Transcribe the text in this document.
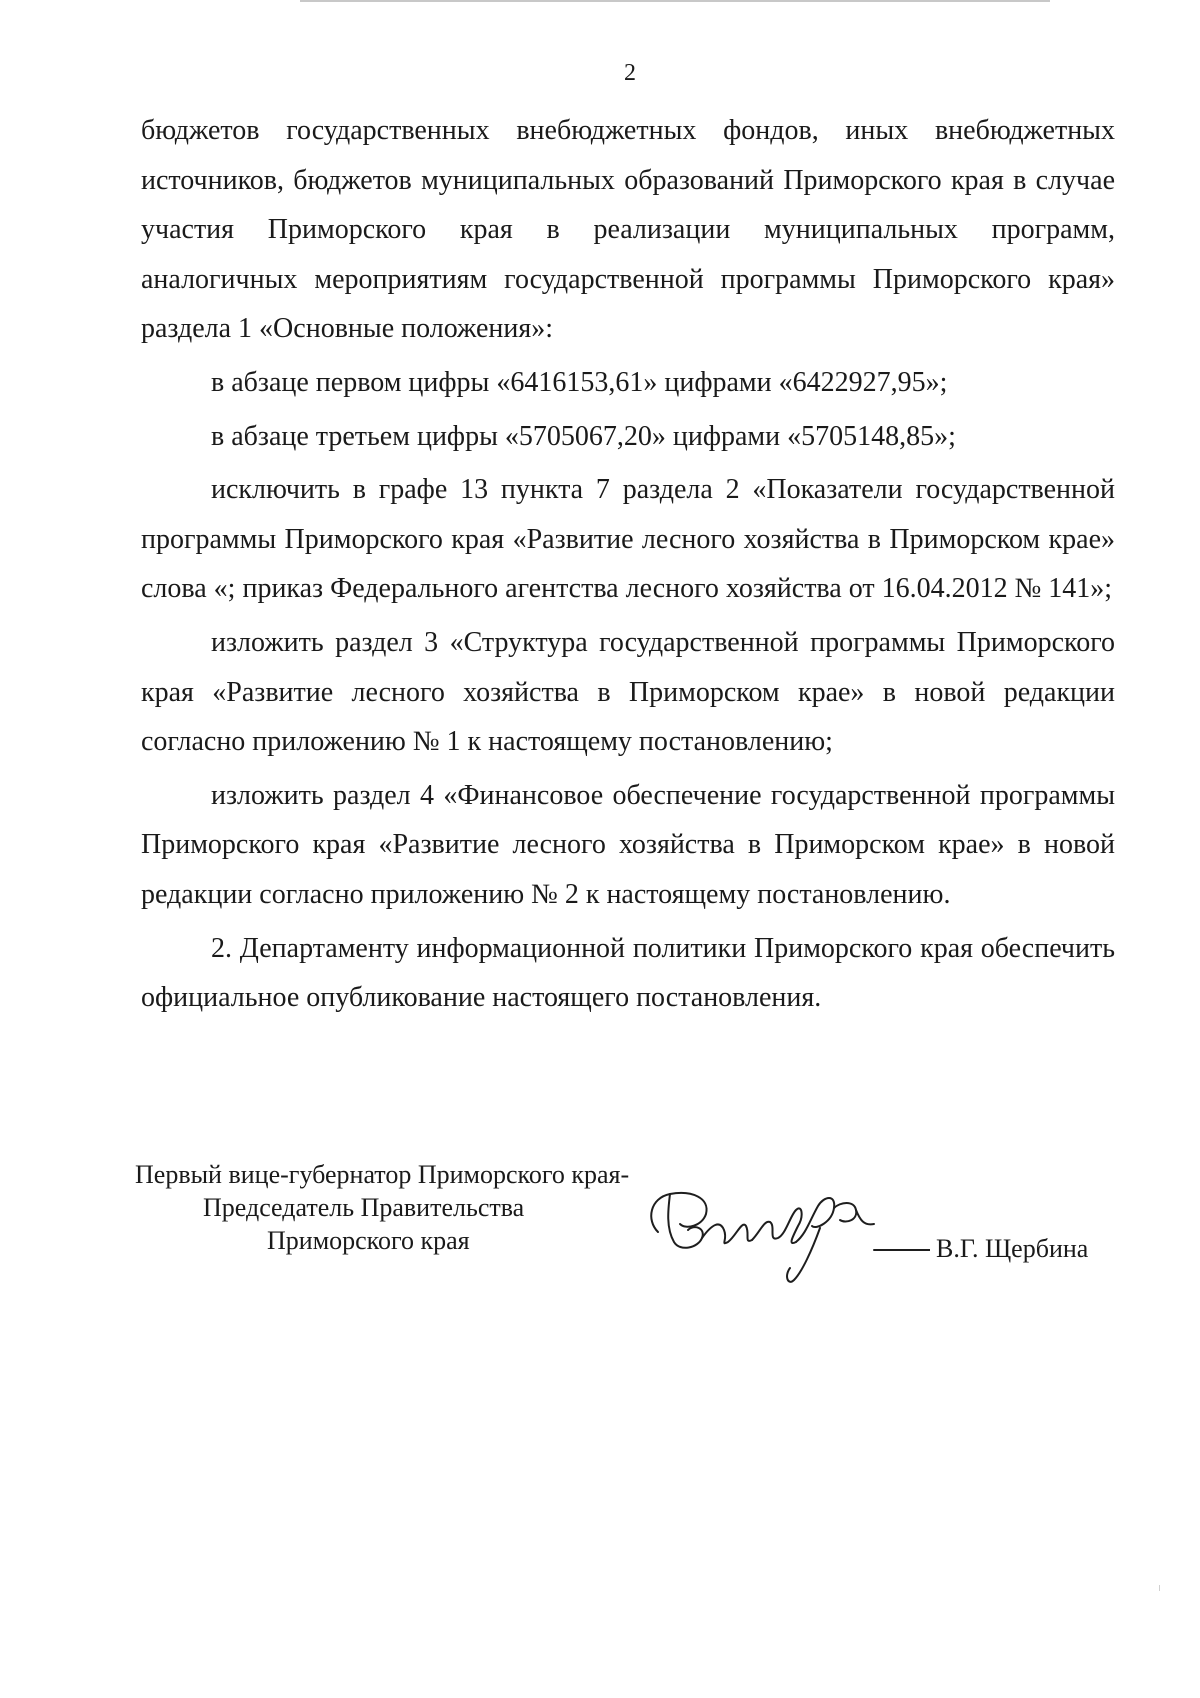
2

бюджетов государственных внебюджетных фондов, иных внебюджетных источников, бюджетов муниципальных образований Приморского края в случае участия Приморского края в реализации муниципальных программ, аналогичных мероприятиям государственной программы Приморского края» раздела 1 «Основные положения»:

в абзаце первом цифры «6416153,61» цифрами «6422927,95»;

в абзаце третьем цифры «5705067,20» цифрами «5705148,85»;

исключить в графе 13 пункта 7 раздела 2 «Показатели государственной программы Приморского края «Развитие лесного хозяйства в Приморском крае» слова «; приказ Федерального агентства лесного хозяйства от 16.04.2012 № 141»;

изложить раздел 3 «Структура государственной программы Приморского края «Развитие лесного хозяйства в Приморском крае» в новой редакции согласно приложению № 1 к настоящему постановлению;

изложить раздел 4 «Финансовое обеспечение государственной программы Приморского края «Развитие лесного хозяйства в Приморском крае» в новой редакции согласно приложению № 2 к настоящему постановлению.

2. Департаменту информационной политики Приморского края обеспечить официальное опубликование настоящего постановления.

Первый вице-губернатор Приморского края-
Председатель Правительства
Приморского края	В.Г. Щербина
